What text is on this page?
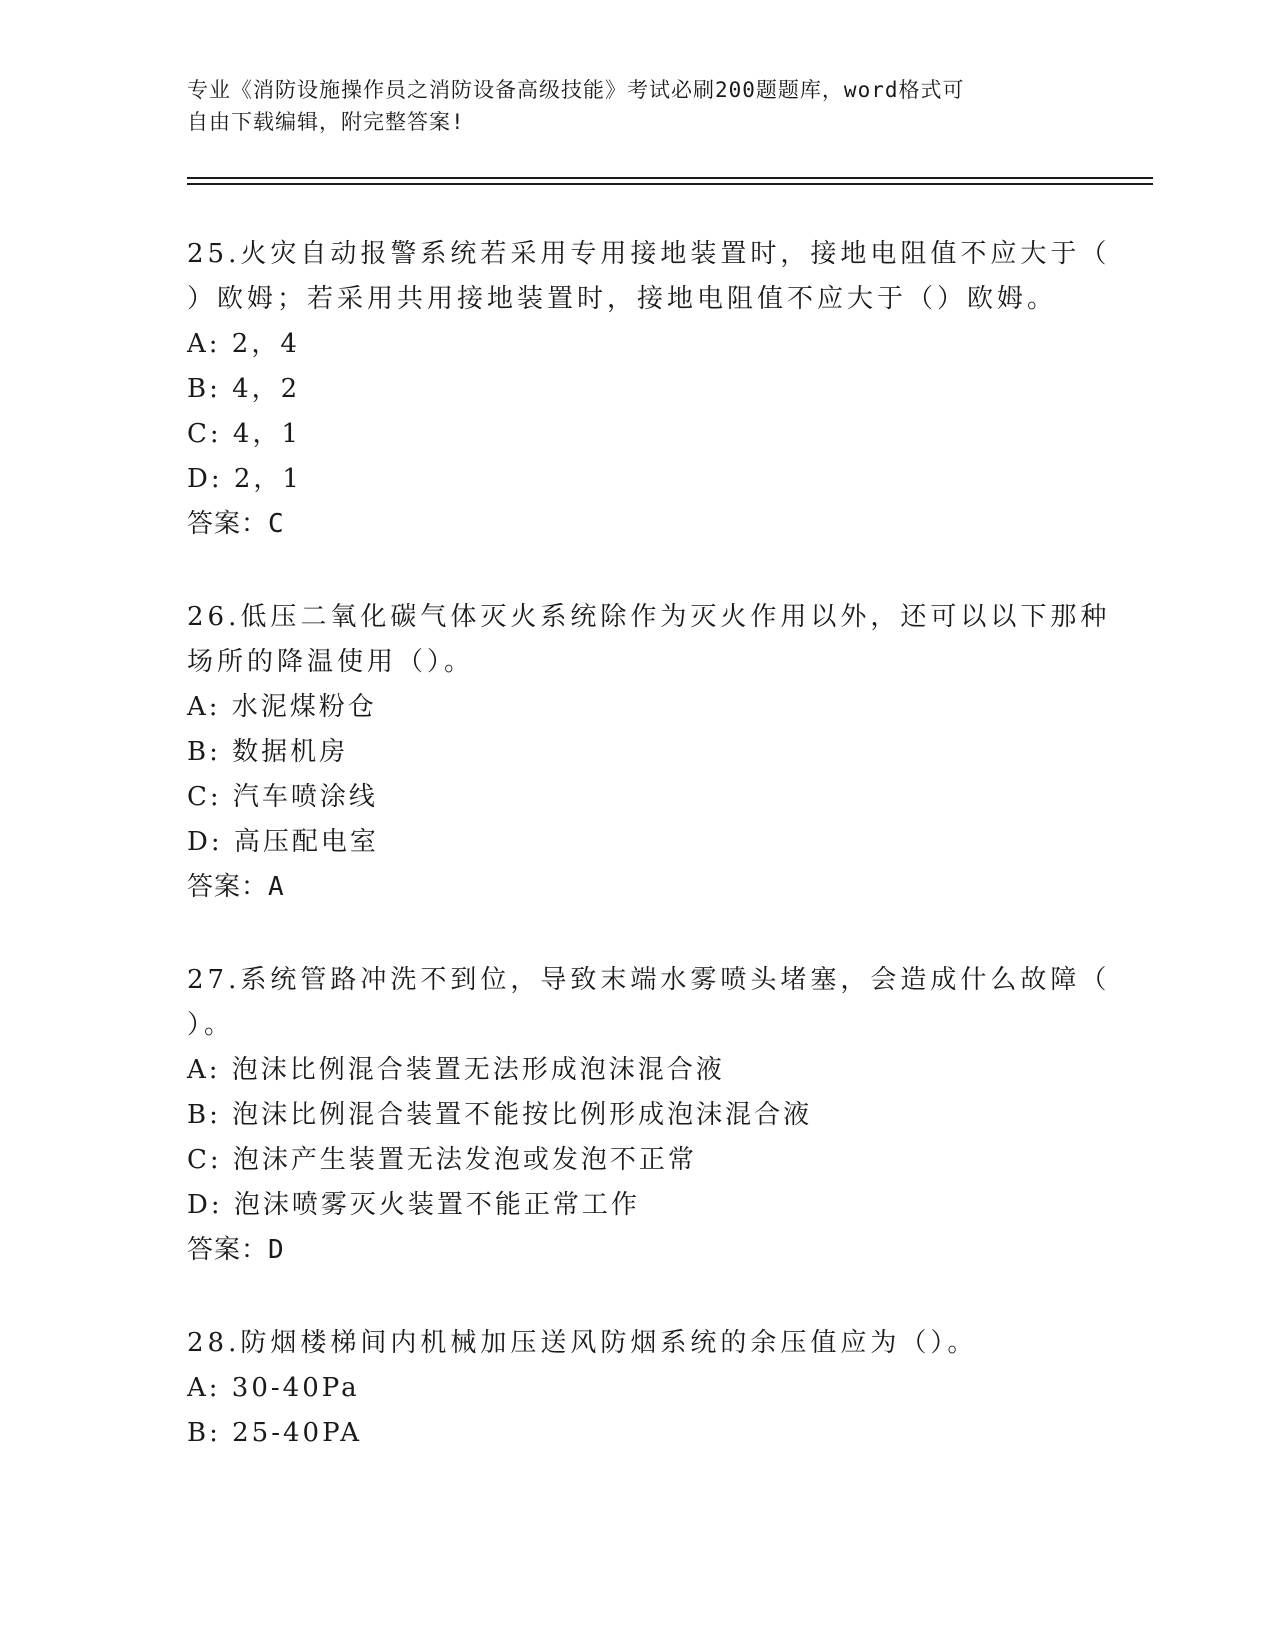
专业《消防设施操作员之消防设备高级技能》考试必刷200题题库，word格式可
自由下载编辑，附完整答案!
25.火灾自动报警系统若采用专用接地装置时，接地电阻值不应大于（
）欧姆；若采用共用接地装置时，接地电阻值不应大于（）欧姆。
A: 2，4
B: 4，2
C: 4，1
D: 2，1
答案：C
26.低压二氧化碳气体灭火系统除作为灭火作用以外，还可以以下那种
场所的降温使用（）。
A: 水泥煤粉仓
B: 数据机房
C: 汽车喷涂线
D: 高压配电室
答案：A
27.系统管路冲洗不到位，导致末端水雾喷头堵塞，会造成什么故障（
）。
A: 泡沫比例混合装置无法形成泡沫混合液
B: 泡沫比例混合装置不能按比例形成泡沫混合液
C: 泡沫产生装置无法发泡或发泡不正常
D: 泡沫喷雾灭火装置不能正常工作
答案：D
28.防烟楼梯间内机械加压送风防烟系统的余压值应为（）。
A: 30-40Pa
B: 25-40PA
